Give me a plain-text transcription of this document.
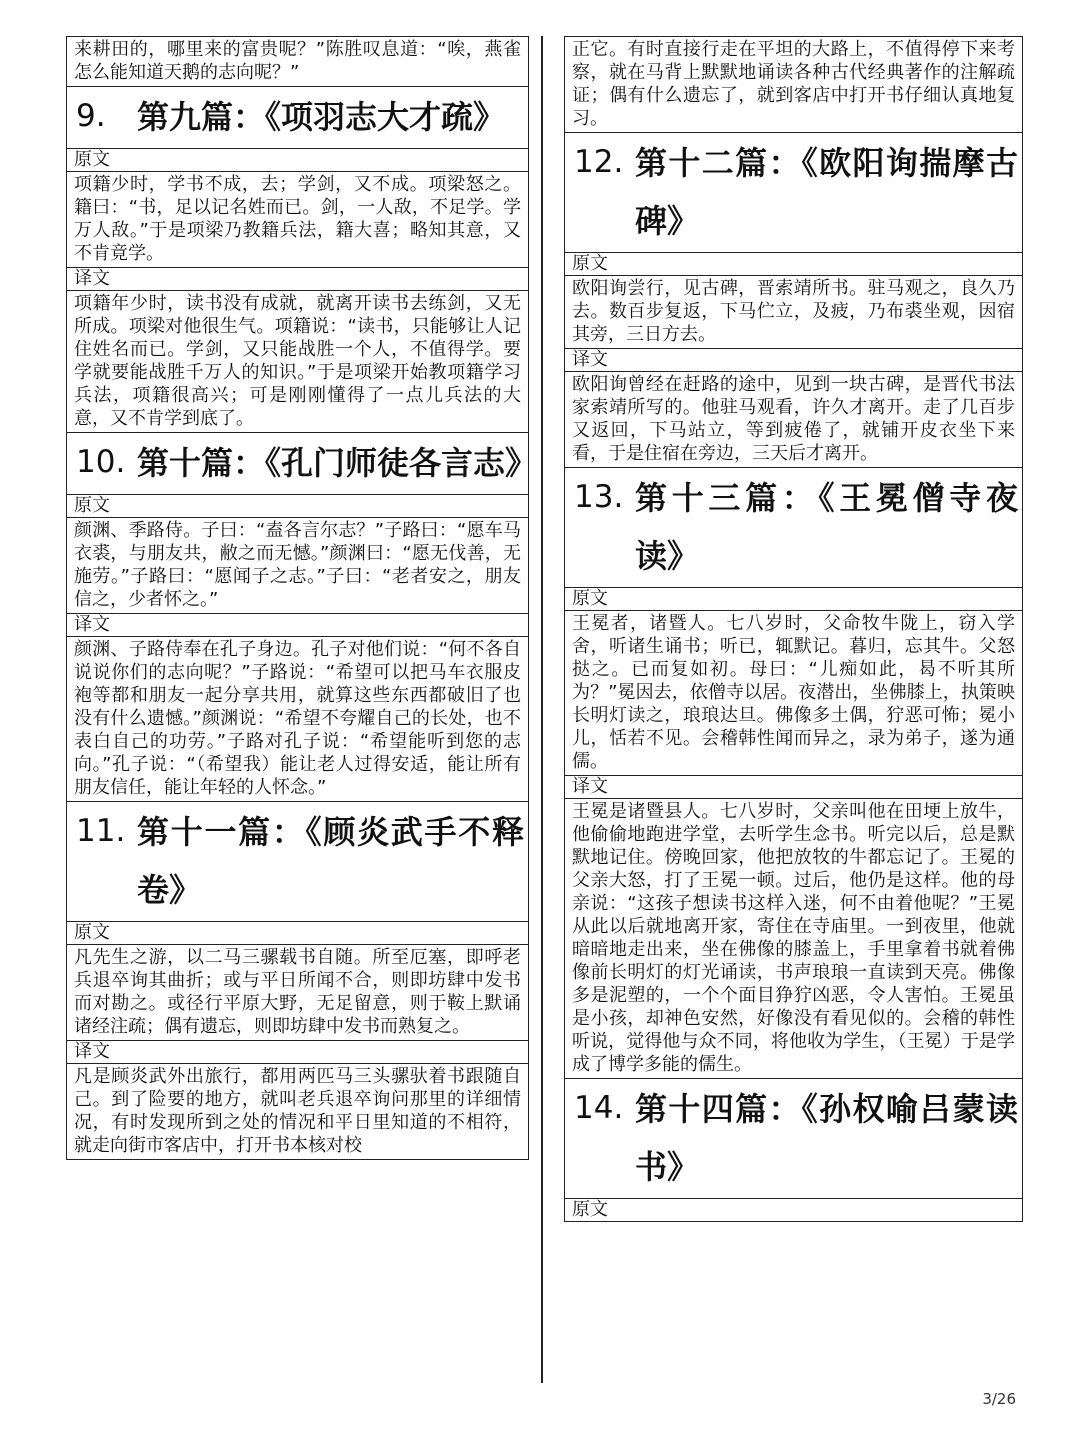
来耕田的，哪里来的富贵呢？”陈胜叹息道：“唉，燕雀怎么能知道天鹅的志向呢？”
9. 第九篇：《项羽志大才疏》
原文
项籍少时，学书不成，去；学剑，又不成。项梁怒之。籍曰：“书，足以记名姓而已。剑，一人敌，不足学。学万人敌。”于是项梁乃教籍兵法，籍大喜；略知其意，又不肯竟学。
译文
项籍年少时，读书没有成就，就离开读书去练剑，又无所成。项梁对他很生气。项籍说：“读书，只能够让人记住姓名而已。学剑，又只能战胜一个人，不值得学。要学就要能战胜千万人的知识。”于是项梁开始教项籍学习兵法，项籍很高兴；可是刚刚懂得了一点儿兵法的大意，又不肯学到底了。
10. 第十篇：《孔门师徒各言志》
原文
颜渊、季路侍。子曰：“盍各言尔志？”子路曰：“愿车马衣裘，与朋友共，敝之而无憾。”颜渊曰：“愿无伐善，无施劳。”子路曰：“愿闻子之志。”子曰：“老者安之，朋友信之，少者怀之。”
译文
颜渊、子路侍奉在孔子身边。孔子对他们说：“何不各自说说你们的志向呢？”子路说：“希望可以把马车衣服皮袍等都和朋友一起分享共用，就算这些东西都破旧了也没有什么遗憾。”颜渊说：“希望不夸耀自己的长处，也不表白自己的功劳。”子路对孔子说：“希望能听到您的志向。”孔子说：“（希望我）能让老人过得安适，能让所有朋友信任，能让年轻的人怀念。”
11. 第十一篇：《顾炎武手不释卷》
原文
凡先生之游，以二马三骡载书自随。所至厄塞，即呼老兵退卒询其曲折；或与平日所闻不合，则即坊肆中发书而对勘之。或径行平原大野，无足留意，则于鞍上默诵诸经注疏；偶有遗忘，则即坊肆中发书而熟复之。
译文
凡是顾炎武外出旅行，都用两匹马三头骡驮着书跟随自己。到了险要的地方，就叫老兵退卒询问那里的详细情况，有时发现所到之处的情况和平日里知道的不相符，就走向街市客店中，打开书本核对校
正它。有时直接行走在平坦的大路上，不值得停下来考察，就在马背上默默地诵读各种古代经典著作的注解疏证；偶有什么遗忘了，就到客店中打开书仔细认真地复习。
12. 第十二篇：《欧阳询揣摩古碑》
原文
欧阳询尝行，见古碑，晋索靖所书。驻马观之，良久乃去。数百步复返，下马伫立，及疲，乃布裘坐观，因宿其旁，三日方去。
译文
欧阳询曾经在赶路的途中，见到一块古碑，是晋代书法家索靖所写的。他驻马观看，许久才离开。走了几百步又返回，下马站立，等到疲倦了，就铺开皮衣坐下来看，于是住宿在旁边，三天后才离开。
13. 第十三篇：《王冕僧寺夜读》
原文
王冕者，诸暨人。七八岁时，父命牧牛陇上，窃入学舍，听诸生诵书；听已，辄默记。暮归，忘其牛。父怒挞之。已而复如初。母曰：“儿痴如此，曷不听其所为？”冕因去，依僧寺以居。夜潜出，坐佛膝上，执策映长明灯读之，琅琅达旦。佛像多土偶，狞恶可怖；冕小儿，恬若不见。会稽韩性闻而异之，录为弟子，遂为通儒。
译文
王冕是诸暨县人。七八岁时，父亲叫他在田埂上放牛，他偷偷地跑进学堂，去听学生念书。听完以后，总是默默地记住。傍晚回家，他把放牧的牛都忘记了。王冕的父亲大怒，打了王冕一顿。过后，他仍是这样。他的母亲说：“这孩子想读书这样入迷，何不由着他呢？”王冕从此以后就地离开家，寄住在寺庙里。一到夜里，他就暗暗地走出来，坐在佛像的膝盖上，手里拿着书就着佛像前长明灯的灯光诵读，书声琅琅一直读到天亮。佛像多是泥塑的，一个个面目狰狞凶恶，令人害怕。王冕虽是小孩，却神色安然，好像没有看见似的。会稽的韩性听说，觉得他与众不同，将他收为学生，（王冕）于是学成了博学多能的儒生。
14. 第十四篇：《孙权喻吕蒙读书》
原文
3/26
